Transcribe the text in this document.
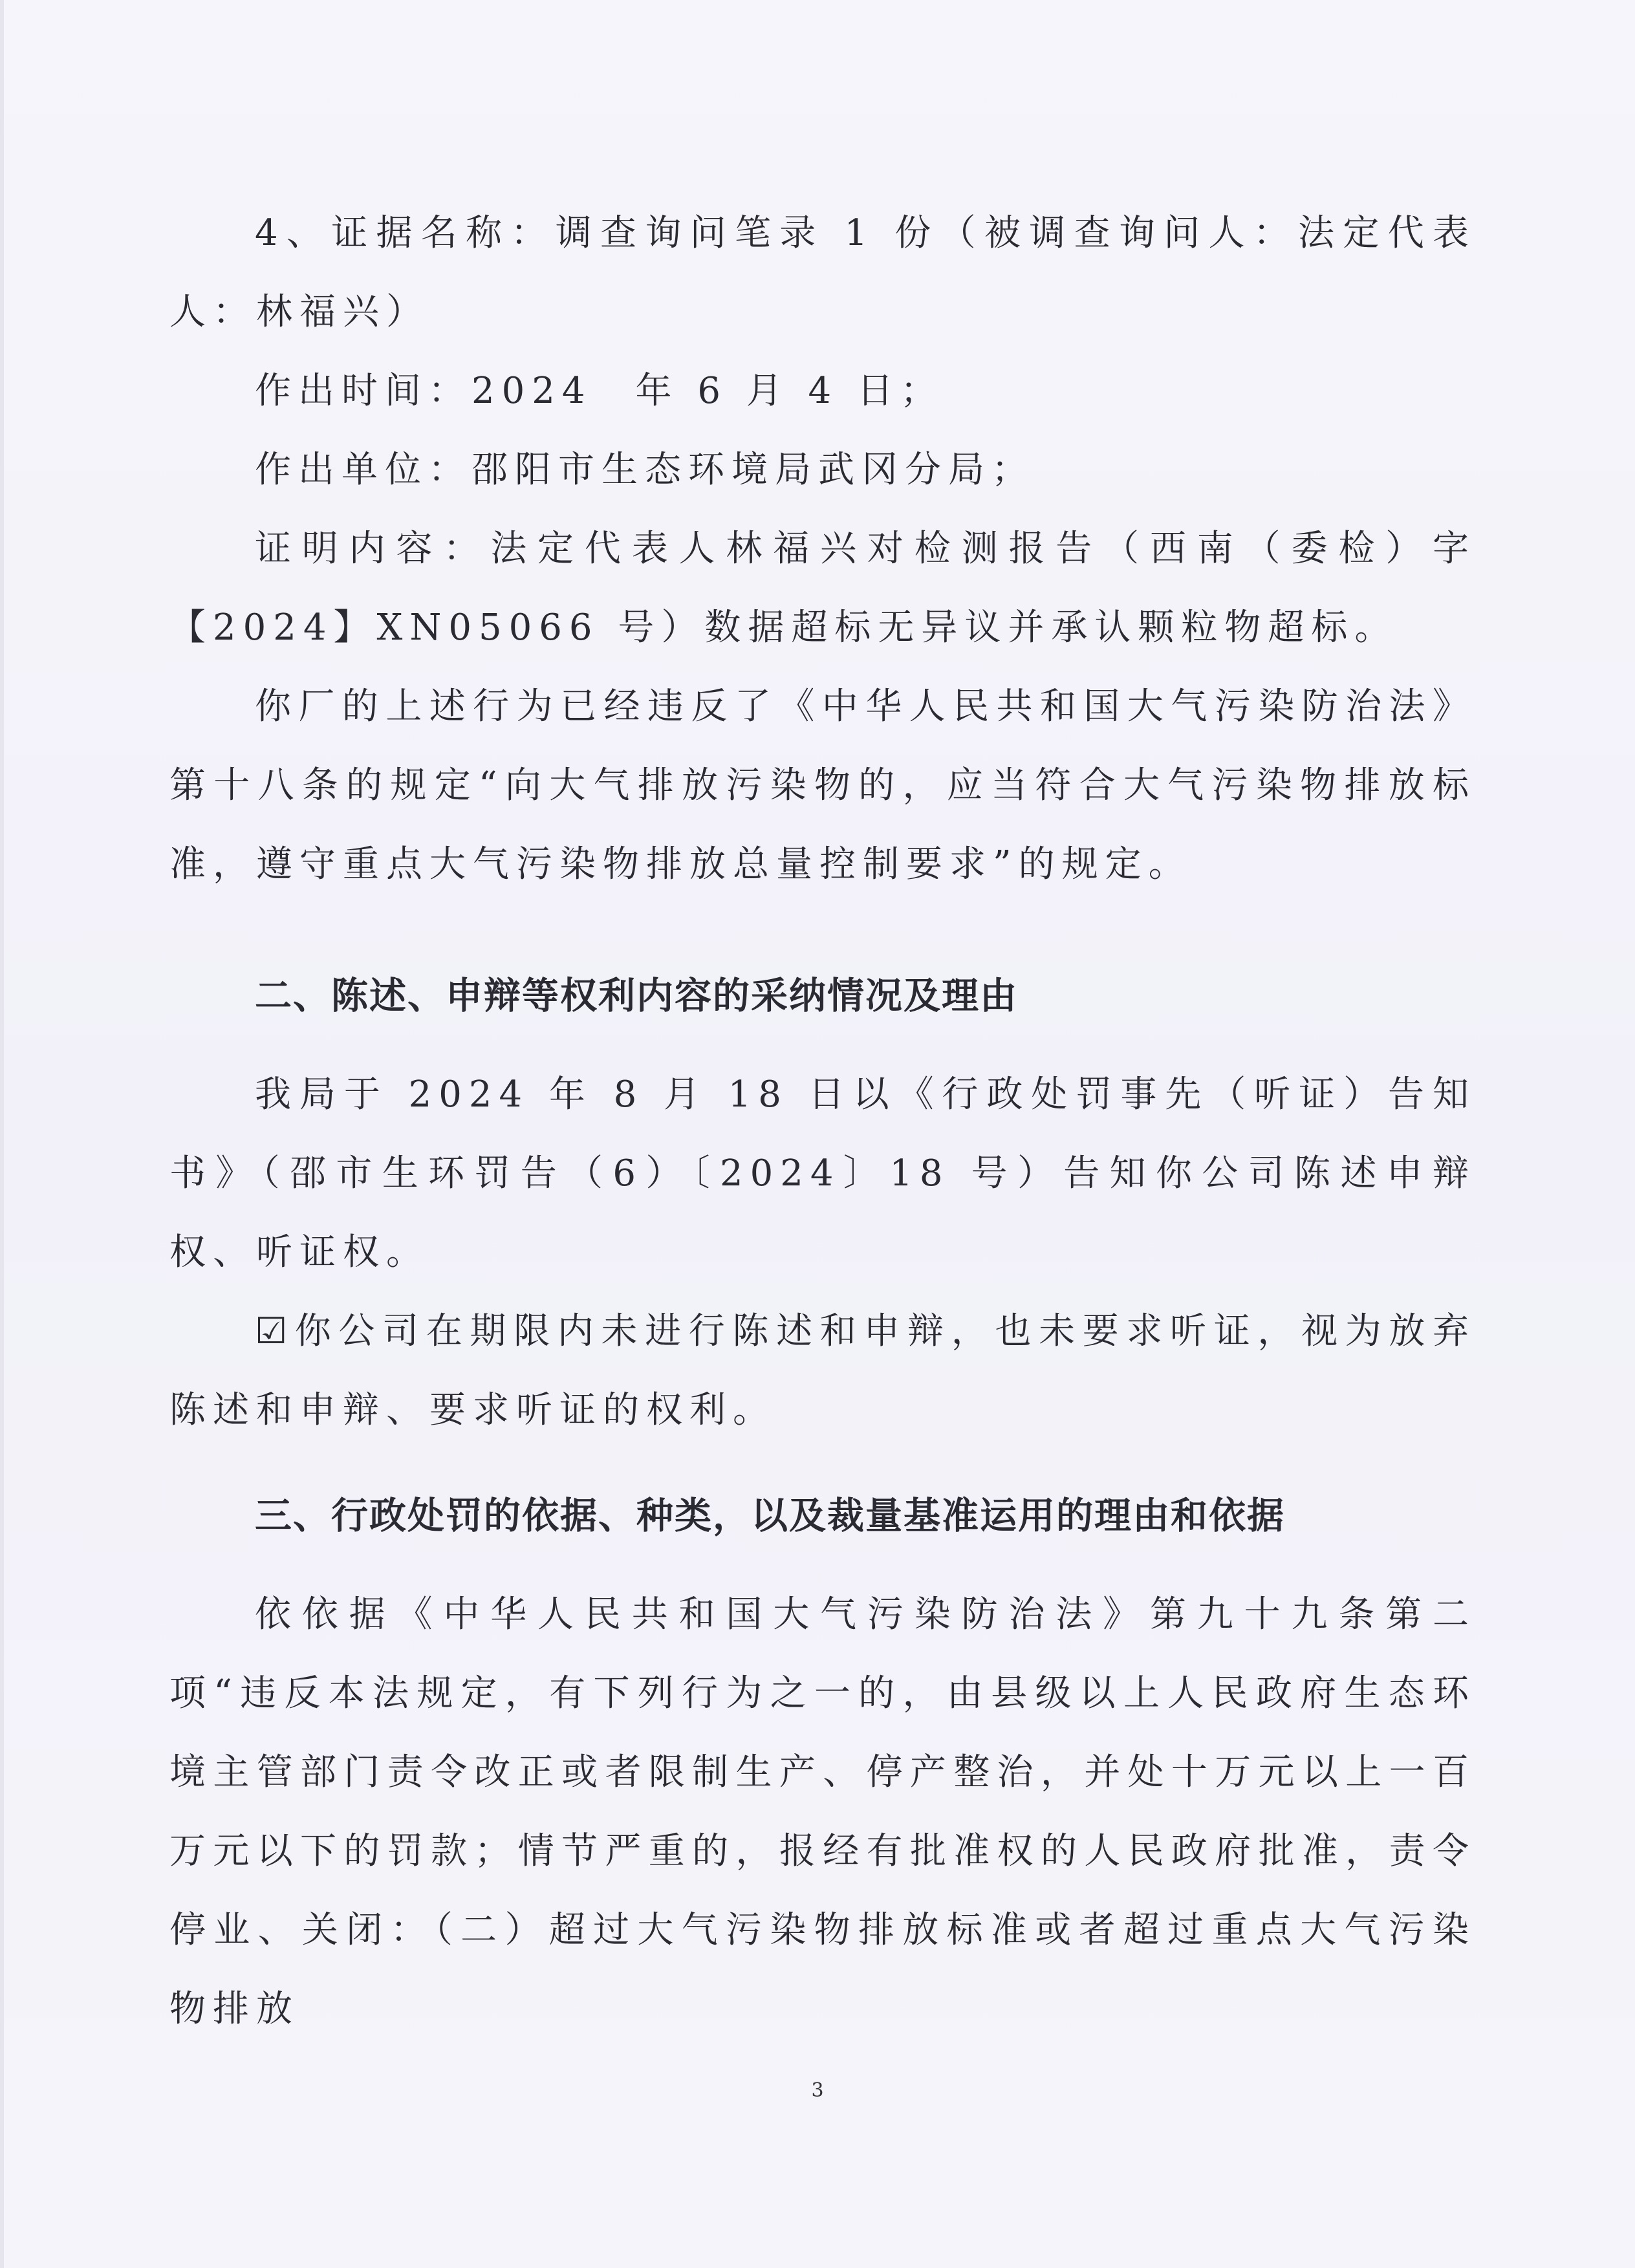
4、证据名称：调查询问笔录 1 份（被调查询问人：法定代表人：林福兴）

作出时间：2024　年 6 月 4 日；

作出单位：邵阳市生态环境局武冈分局；

证明内容：法定代表人林福兴对检测报告（西南（委检）字【2024】XN05066 号）数据超标无异议并承认颗粒物超标。

你厂的上述行为已经违反了《中华人民共和国大气污染防治法》第十八条的规定“向大气排放污染物的，应当符合大气污染物排放标准，遵守重点大气污染物排放总量控制要求”的规定。

二、陈述、申辩等权利内容的采纳情况及理由

我局于 2024 年 8 月 18 日以《行政处罚事先（听证）告知书》（邵市生环罚告（6）〔2024〕18 号）告知你公司陈述申辩权、听证权。

☑你公司在期限内未进行陈述和申辩，也未要求听证，视为放弃陈述和申辩、要求听证的权利。

三、行政处罚的依据、种类，以及裁量基准运用的理由和依据

依依据《中华人民共和国大气污染防治法》第九十九条第二项“违反本法规定，有下列行为之一的，由县级以上人民政府生态环境主管部门责令改正或者限制生产、停产整治，并处十万元以上一百万元以下的罚款；情节严重的，报经有批准权的人民政府批准，责令停业、关闭：（二）超过大气污染物排放标准或者超过重点大气污染物排放

3
